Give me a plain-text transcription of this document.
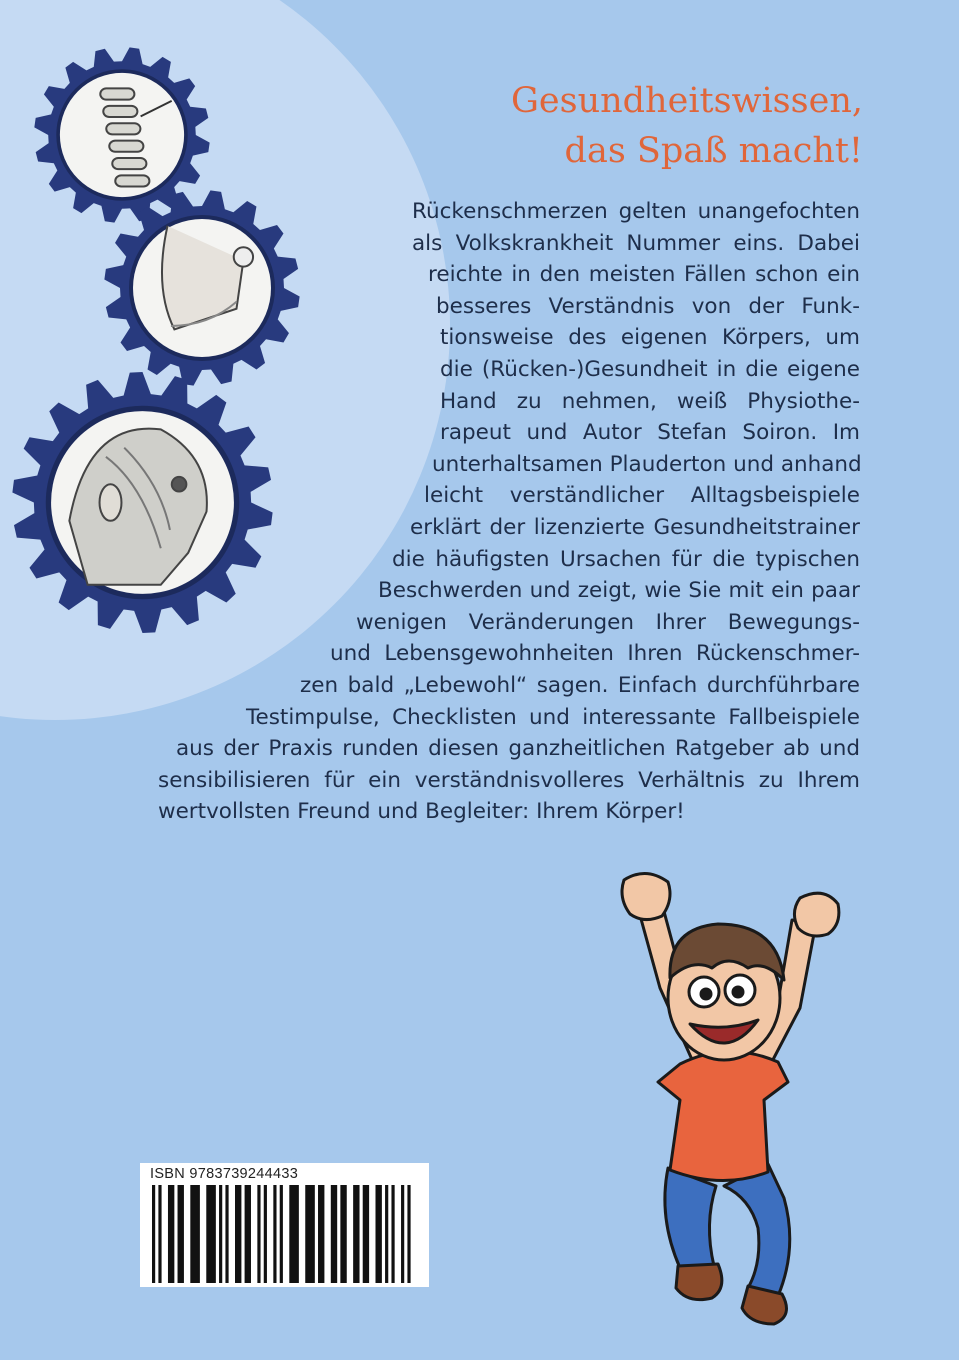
Gesundheitswissen,
das Spaß macht!
Rückenschmerzen gelten unangefochten
als Volkskrankheit Nummer eins. Dabei
reichte in den meisten Fällen schon ein
besseres Verständnis von der Funk-
tionsweise des eigenen Körpers, um
die (Rücken-)Gesundheit in die eigene
Hand zu nehmen, weiß Physiothe-
rapeut und Autor Stefan Soiron. Im
unterhaltsamen Plauderton und anhand
leicht verständlicher Alltagsbeispiele
erklärt der lizenzierte Gesundheitstrainer
die häufigsten Ursachen für die typischen
Beschwerden und zeigt, wie Sie mit ein paar
wenigen Veränderungen Ihrer Bewegungs-
und Lebensgewohnheiten Ihren Rückenschmer-
zen bald „Lebewohl“ sagen. Einfach durchführbare
Testimpulse, Checklisten und interessante Fallbeispiele
aus der Praxis runden diesen ganzheitlichen Ratgeber ab und
sensibilisieren für ein verständnisvolleres Verhältnis zu Ihrem
wertvollsten Freund und Begleiter: Ihrem Körper!
ISBN 9783739244433
